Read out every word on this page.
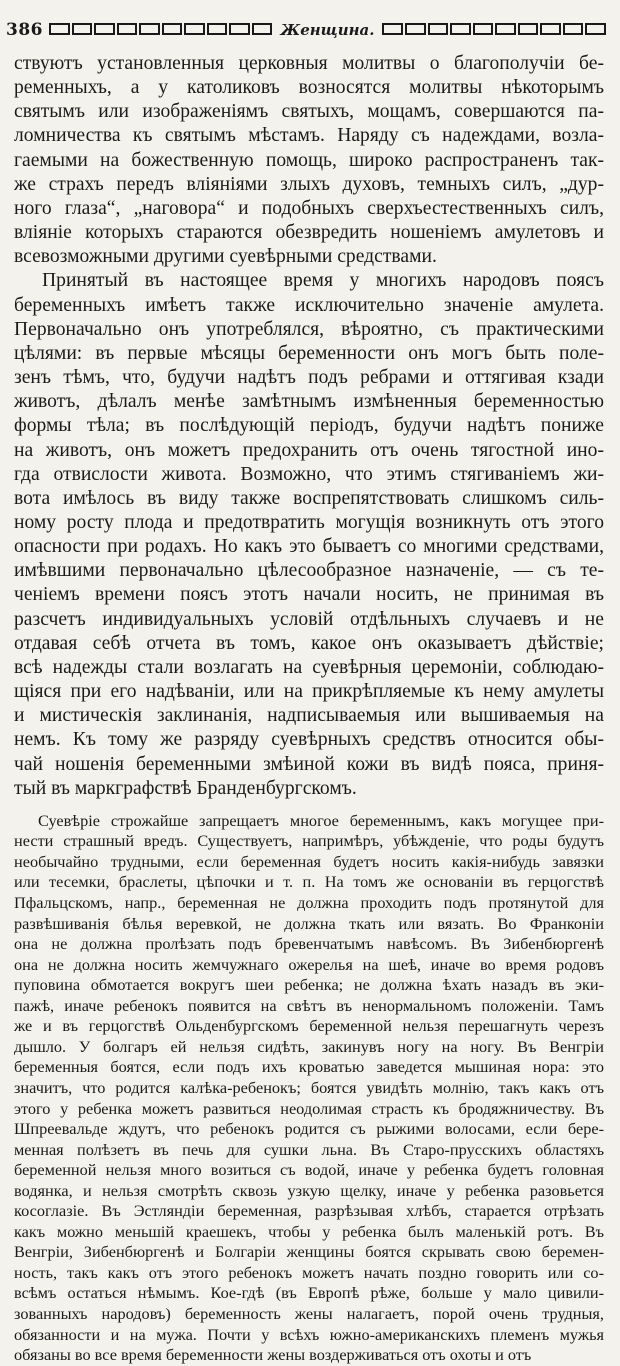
386	Женщина.

ствуютъ установленныя церковныя молитвы о благополучіи бе-
ременныхъ, а у католиковъ возносятся молитвы нѣкоторымъ
святымъ или изображеніямъ святыхъ, мощамъ, совершаются па-
ломничества къ святымъ мѣстамъ. Наряду съ надеждами, возла-
гаемыми на божественную помощь, широко распространенъ так-
же страхъ передъ вліяніями злыхъ духовъ, темныхъ силъ, „дур-
ного глаза“, „наговора“ и подобныхъ сверхъестественныхъ силъ,
вліяніе которыхъ стараются обезвредить ношеніемъ амулетовъ и
всевозможными другими суевѣрными средствами.

Принятый въ настоящее время у многихъ народовъ поясъ
беременныхъ имѣетъ также исключительно значеніе амулета.
Первоначально онъ употреблялся, вѣроятно, съ практическими
цѣлями: въ первые мѣсяцы беременности онъ могъ быть поле-
зенъ тѣмъ, что, будучи надѣтъ подъ ребрами и оттягивая кзади
животъ, дѣлалъ менѣе замѣтнымъ измѣненныя беременностью
формы тѣла; въ послѣдующій періодъ, будучи надѣтъ пониже
на животъ, онъ можетъ предохранить отъ очень тягостной ино-
гда отвислости живота. Возможно, что этимъ стягиваніемъ жи-
вота имѣлось въ виду также воспрепятствовать слишкомъ силь-
ному росту плода и предотвратить могущія возникнуть отъ этого
опасности при родахъ. Но какъ это бываетъ со многими средствами,
имѣвшими первоначально цѣлесообразное назначеніе, — съ те-
ченіемъ времени поясъ этотъ начали носить, не принимая въ
разсчетъ индивидуальныхъ условій отдѣльныхъ случаевъ и не
отдавая себѣ отчета въ томъ, какое онъ оказываетъ дѣйствіе;
всѣ надежды стали возлагать на суевѣрныя церемоніи, соблюдаю-
щіяся при его надѣваніи, или на прикрѣпляемые къ нему амулеты
и мистическія заклинанія, надписываемыя или вышиваемыя на
немъ. Къ тому же разряду суевѣрныхъ средствъ относится обы-
чай ношенія беременными змѣиной кожи въ видѣ пояса, приня-
тый въ маркграфствѣ Бранденбургскомъ.

Суевѣріе строжайше запрещаетъ многое беременнымъ, какъ могущее при-
нести страшный вредъ. Существуетъ, напримѣръ, убѣжденіе, что роды будутъ
необычайно трудными, если беременная будетъ носить какія-нибудь завязки
или тесемки, браслеты, цѣпочки и т. п. На томъ же основаніи въ герцогствѣ
Пфальцскомъ, напр., беременная не должна проходить подъ протянутой для
развѣшиванія бѣлья веревкой, не должна ткать или вязать. Во Франконіи
она не должна пролѣзать подъ бревенчатымъ навѣсомъ. Въ Зибенбюргенѣ
она не должна носить жемчужнаго ожерелья на шеѣ, иначе во время родовъ
пуповина обмотается вокругъ шеи ребенка; не должна ѣхать назадъ въ эки-
пажѣ, иначе ребенокъ появится на свѣтъ въ ненормальномъ положеніи. Тамъ
же и въ герцогствѣ Ольденбургскомъ беременной нельзя перешагнуть черезъ
дышло. У болгаръ ей нельзя сидѣть, закинувъ ногу на ногу. Въ Венгріи
беременныя боятся, если подъ ихъ кроватью заведется мышиная нора: это
значитъ, что родится калѣка-ребенокъ; боятся увидѣть молнію, такъ какъ отъ
этого у ребенка можетъ развиться неодолимая страсть къ бродяжничеству. Въ
Шпреевальде ждутъ, что ребенокъ родится съ рыжими волосами, если бере-
менная полѣзетъ въ печь для сушки льна. Въ Старо-прусскихъ областяхъ
беременной нельзя много возиться съ водой, иначе у ребенка будетъ головная
водянка, и нельзя смотрѣть сквозь узкую щелку, иначе у ребенка разовьется
косоглазіе. Въ Эстляндіи беременная, разрѣзывая хлѣбъ, старается отрѣзать
какъ можно меньшій краешекъ, чтобы у ребенка былъ маленькій ротъ. Въ
Венгріи, Зибенбюргенѣ и Болгаріи женщины боятся скрывать свою беремен-
ность, такъ какъ отъ этого ребенокъ можетъ начать поздно говорить или со-
всѣмъ остаться нѣмымъ. Кое-гдѣ (въ Европѣ рѣже, больше у мало цивили-
зованныхъ народовъ) беременность жены налагаетъ, порой очень трудныя,
обязанности и на мужа. Почти у всѣхъ южно-американскихъ племенъ мужья
обязаны во все время беременности жены воздерживаться отъ охоты и отъ
